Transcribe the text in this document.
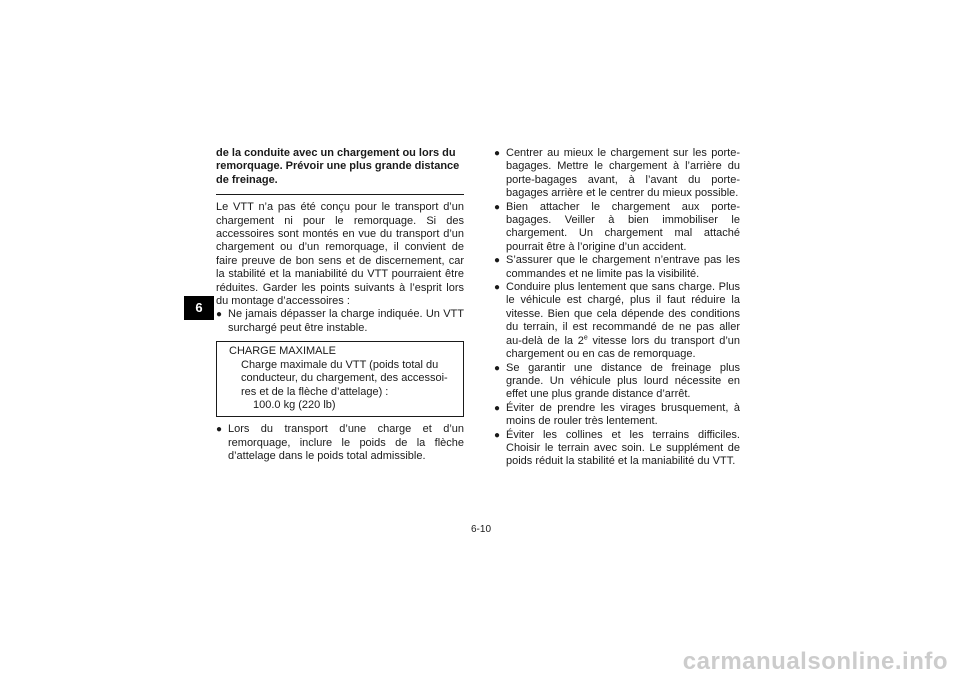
6

de la conduite avec un chargement ou lors du
remorquage. Prévoir une plus grande distance
de freinage.

Le VTT n’a pas été conçu pour le transport d’un chargement ni pour le remorquage. Si des accessoires sont montés en vue du transport d’un chargement ou d’un remorquage, il convient de faire preuve de bon sens et de discernement, car la stabilité et la maniabilité du VTT pourraient être réduites. Garder les points suivants à l’esprit lors du montage d’accessoires :

● Ne jamais dépasser la charge indiquée. Un VTT surchargé peut être instable.
CHARGE MAXIMALE
Charge maximale du VTT (poids total du
conducteur, du chargement, des accessoi-
res et de la flèche d’attelage) :
100.0 kg (220 lb)
● Lors du transport d’une charge et d’un remorquage, inclure le poids de la flèche d’attelage dans le poids total admissible.
● Centrer au mieux le chargement sur les porte-bagages. Mettre le chargement à l’arrière du porte-bagages avant, à l’avant du porte-bagages arrière et le centrer du mieux possible.
● Bien attacher le chargement aux porte-bagages. Veiller à bien immobiliser le chargement. Un chargement mal attaché pourrait être à l’origine d’un accident.
● S’assurer que le chargement n’entrave pas les commandes et ne limite pas la visibilité.
● Conduire plus lentement que sans charge. Plus le véhicule est chargé, plus il faut réduire la vitesse. Bien que cela dépende des conditions du terrain, il est recommandé de ne pas aller au-delà de la 2e vitesse lors du transport d’un chargement ou en cas de remorquage.
● Se garantir une distance de freinage plus grande. Un véhicule plus lourd nécessite en effet une plus grande distance d’arrêt.
● Éviter de prendre les virages brusquement, à moins de rouler très lentement.
● Éviter les collines et les terrains difficiles. Choisir le terrain avec soin. Le supplément de poids réduit la stabilité et la maniabilité du VTT.
6-10
carmanualsonline.info
